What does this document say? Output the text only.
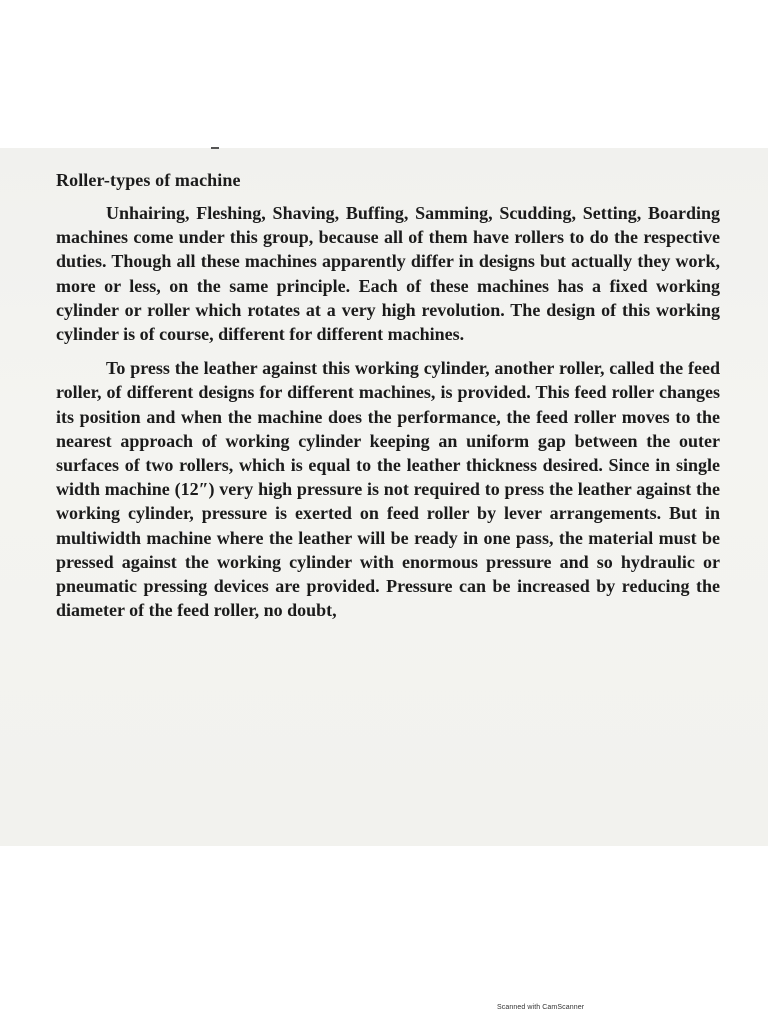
Roller-types of machine

Unhairing, Fleshing, Shaving, Buffing, Samming, Scudding, Setting, Boarding machines come under this group, because all of them have rollers to do the respective duties. Though all these machines apparently differ in designs but actually they work, more or less, on the same principle. Each of these machines has a fixed working cylinder or roller which rotates at a very high revolution. The design of this working cylinder is of course, different for different machines.

To press the leather against this working cylinder, another roller, called the feed roller, of different designs for different machines, is provided. This feed roller changes its position and when the machine does the performance, the feed roller moves to the nearest approach of working cylinder keeping an uniform gap between the outer surfaces of two rollers, which is equal to the leather thickness desired. Since in single width machine (12″) very high pressure is not required to press the leather against the working cylinder, pressure is exerted on feed roller by lever arrangements. But in multiwidth machine where the leather will be ready in one pass, the material must be pressed against the working cylinder with enormous pressure and so hydraulic or pneumatic pressing devices are provided. Pressure can be increased by reducing the diameter of the feed roller, no doubt,

Scanned with CamScanner
